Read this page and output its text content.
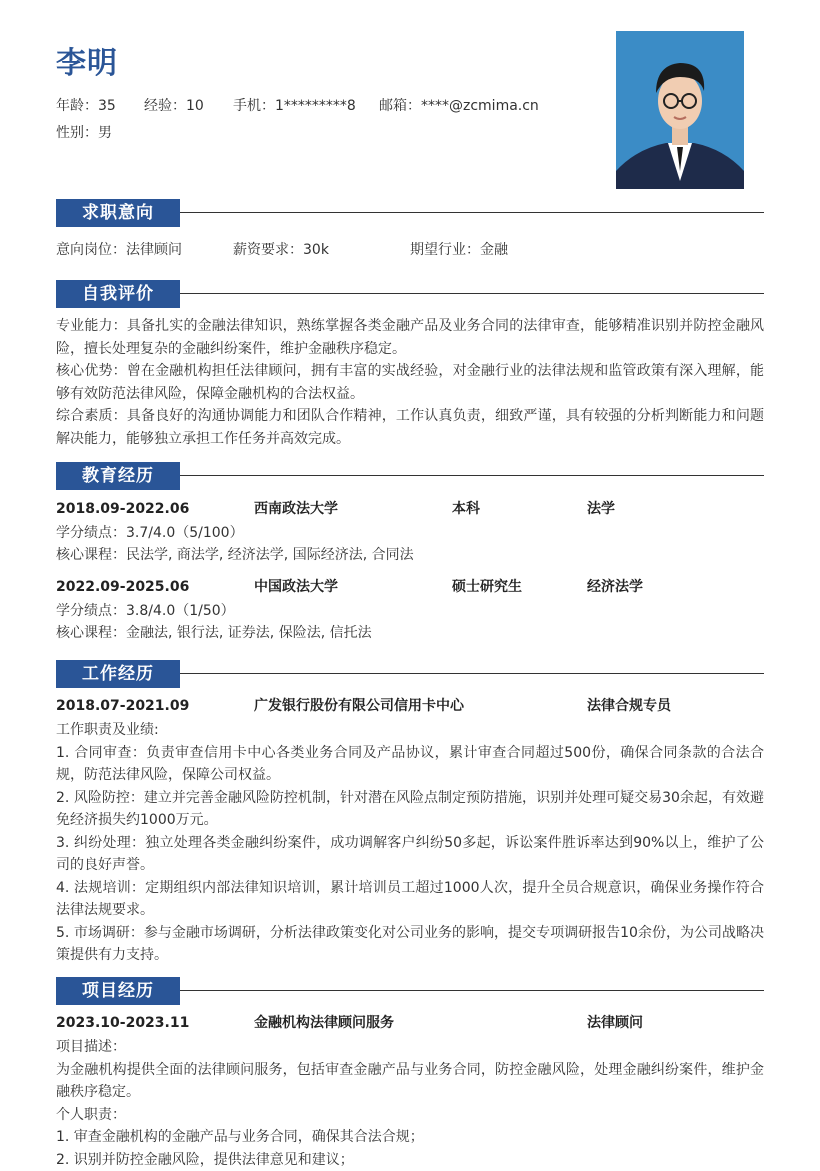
李明
年龄：35 经验：10 手机：1*********8 邮箱：****@zcmima.cn
性别：男
求职意向
意向岗位：法律顾问	薪资要求：30k	期望行业：金融
自我评价

专业能力：具备扎实的金融法律知识，熟练掌握各类金融产品及业务合同的法律审查，能够精准识别并防控金融风险，擅长处理复杂的金融纠纷案件，维护金融秩序稳定。

核心优势：曾在金融机构担任法律顾问，拥有丰富的实战经验，对金融行业的法律法规和监管政策有深入理解，能够有效防范法律风险，保障金融机构的合法权益。

综合素质：具备良好的沟通协调能力和团队合作精神，工作认真负责，细致严谨，具有较强的分析判断能力和问题解决能力，能够独立承担工作任务并高效完成。

教育经历
2018.09-2022.06	西南政法大学	本科	法学
学分绩点：3.7/4.0（5/100）
核心课程：民法学, 商法学, 经济法学, 国际经济法, 合同法
2022.09-2025.06	中国政法大学	硕士研究生	经济法学
学分绩点：3.8/4.0（1/50）
核心课程：金融法, 银行法, 证券法, 保险法, 信托法
工作经历
2018.07-2021.09	广发银行股份有限公司信用卡中心	法律合规专员

工作职责及业绩:

1. 合同审查：负责审查信用卡中心各类业务合同及产品协议，累计审查合同超过500份，确保合同条款的合法合规，防范法律风险，保障公司权益。

2. 风险防控：建立并完善金融风险防控机制，针对潜在风险点制定预防措施，识别并处理可疑交易30余起，有效避免经济损失约1000万元。

3. 纠纷处理：独立处理各类金融纠纷案件，成功调解客户纠纷50多起，诉讼案件胜诉率达到90%以上，维护了公司的良好声誉。

4. 法规培训：定期组织内部法律知识培训，累计培训员工超过1000人次，提升全员合规意识，确保业务操作符合法律法规要求。

5. 市场调研：参与金融市场调研，分析法律政策变化对公司业务的影响，提交专项调研报告10余份，为公司战略决策提供有力支持。

项目经历
2023.10-2023.11	金融机构法律顾问服务	法律顾问

项目描述：

为金融机构提供全面的法律顾问服务，包括审查金融产品与业务合同，防控金融风险，处理金融纠纷案件，维护金融秩序稳定。

个人职责：

1. 审查金融机构的金融产品与业务合同，确保其合法合规；

2. 识别并防控金融风险，提供法律意见和建议；
